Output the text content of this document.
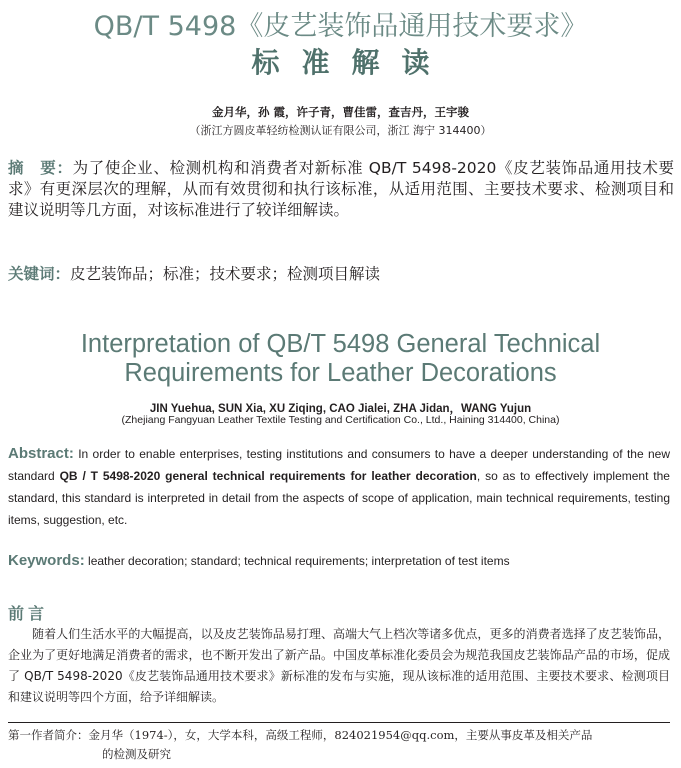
QB/T 5498《皮艺装饰品通用技术要求》
标准解读
金月华，孙 霞，许子青，曹佳雷，查吉丹，王宇骏
（浙江方圆皮革轻纺检测认证有限公司，浙江 海宁 314400）
摘　要：为了使企业、检测机构和消费者对新标准 QB/T 5498-2020《皮艺装饰品通用技术要求》有更深层次的理解，从而有效贯彻和执行该标准，从适用范围、主要技术要求、检测项目和建议说明等几方面，对该标准进行了较详细解读。
关键词：皮艺装饰品；标准；技术要求；检测项目解读
Interpretation of QB/T 5498 General Technical
Requirements for Leather Decorations
JIN Yuehua, SUN Xia, XU Ziqing, CAO Jialei, ZHA Jidan，WANG Yujun
(Zhejiang Fangyuan Leather Textile Testing and Certification Co., Ltd., Haining 314400, China)
Abstract: In order to enable enterprises, testing institutions and consumers to have a deeper understanding of the new standard QB / T 5498-2020 general technical requirements for leather decoration, so as to effectively implement the standard, this standard is interpreted in detail from the aspects of scope of application, main technical requirements, testing items, suggestion, etc.
Keywords: leather decoration; standard; technical requirements; interpretation of test items
前言
随着人们生活水平的大幅提高，以及皮艺装饰品易打理、高端大气上档次等诸多优点，更多的消费者选择了皮艺装饰品，企业为了更好地满足消费者的需求，也不断开发出了新产品。中国皮革标准化委员会为规范我国皮艺装饰品产品的市场，促成了 QB/T 5498-2020《皮艺装饰品通用技术要求》新标准的发布与实施，现从该标准的适用范围、主要技术要求、检测项目和建议说明等四个方面，给予详细解读。
第一作者简介：金月华（1974-），女，大学本科，高级工程师，824021954@qq.com，主要从事皮革及相关产品
的检测及研究
